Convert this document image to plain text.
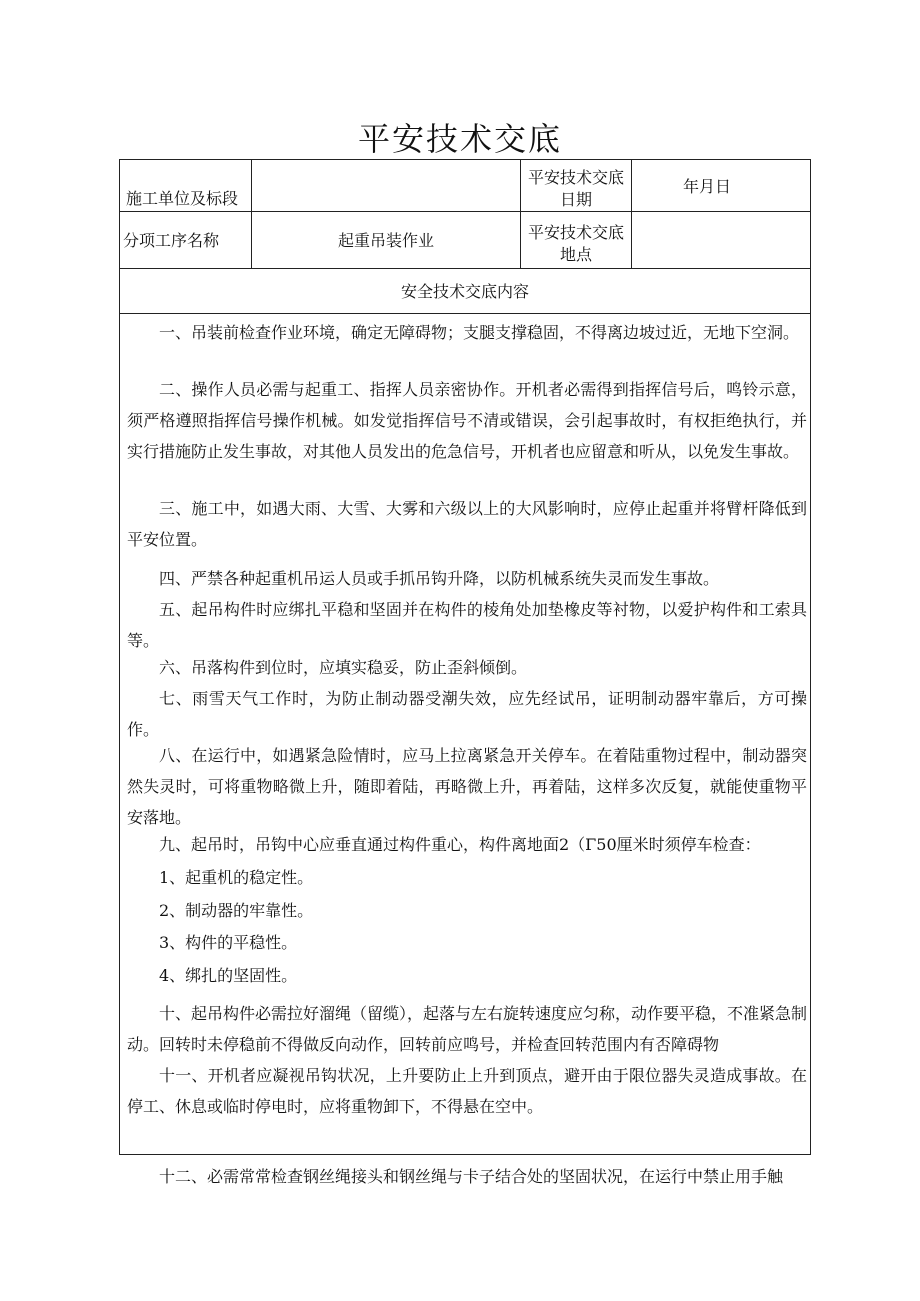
平安技术交底
施工单位及标段
平安技术交底日期
年月日
分项工序名称	起重吊装作业	平安技术交底地点
安全技术交底内容

一、吊装前检查作业环境，确定无障碍物；支腿支撑稳固，不得离边坡过近，无地下空洞。

二、操作人员必需与起重工、指挥人员亲密协作。开机者必需得到指挥信号后，鸣铃示意，须严格遵照指挥信号操作机械。如发觉指挥信号不清或错误，会引起事故时，有权拒绝执行，并实行措施防止发生事故，对其他人员发出的危急信号，开机者也应留意和听从，以免发生事故。

三、施工中，如遇大雨、大雪、大雾和六级以上的大风影响时，应停止起重并将臂杆降低到平安位置。

四、严禁各种起重机吊运人员或手抓吊钩升降，以防机械系统失灵而发生事故。

五、起吊构件时应绑扎平稳和坚固并在构件的棱角处加垫橡皮等衬物，以爱护构件和工索具等。

六、吊落构件到位时，应填实稳妥，防止歪斜倾倒。

七、雨雪天气工作时，为防止制动器受潮失效，应先经试吊，证明制动器牢靠后，方可操作。

八、在运行中，如遇紧急险情时，应马上拉离紧急开关停车。在着陆重物过程中，制动器突然失灵时，可将重物略微上升，随即着陆，再略微上升，再着陆，这样多次反复，就能使重物平安落地。

九、起吊时，吊钩中心应垂直通过构件重心，构件离地面2（Γ50厘米时须停车检查：

1、起重机的稳定性。

2、制动器的牢靠性。

3、构件的平稳性。

4、绑扎的坚固性。

十、起吊构件必需拉好溜绳（留缆），起落与左右旋转速度应匀称，动作要平稳，不准紧急制动。回转时未停稳前不得做反向动作，回转前应鸣号，并检查回转范围内有否障碍物

十一、开机者应凝视吊钩状况，上升要防止上升到顶点，避开由于限位器失灵造成事故。在停工、休息或临时停电时，应将重物卸下，不得悬在空中。

十二、必需常常检查钢丝绳接头和钢丝绳与卡子结合处的坚固状况，在运行中禁止用手触
